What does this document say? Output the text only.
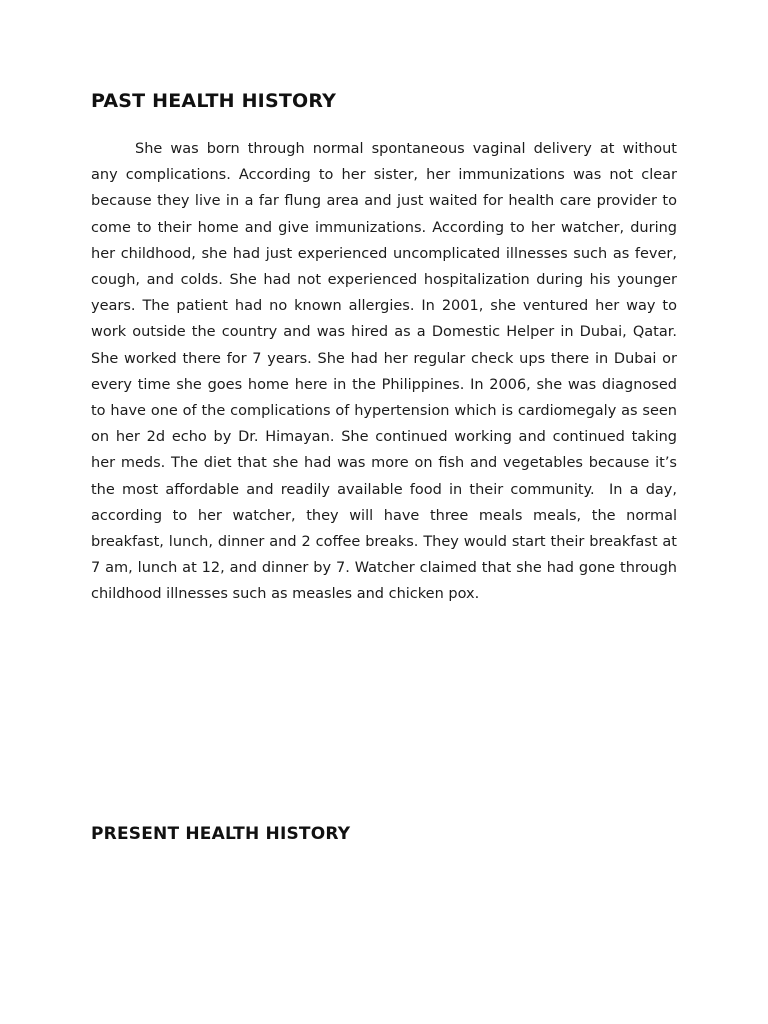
PAST HEALTH HISTORY

She was born through normal spontaneous vaginal delivery at without any complications. According to her sister, her immunizations was not clear because they live in a far flung area and just waited for health care provider to come to their home and give immunizations. According to her watcher, during her childhood, she had just experienced uncomplicated illnesses such as fever, cough, and colds. She had not experienced hospitalization during his younger years. The patient had no known allergies. In 2001, she ventured her way to work outside the country and was hired as a Domestic Helper in Dubai, Qatar. She worked there for 7 years. She had her regular check ups there in Dubai or every time she goes home here in the Philippines. In 2006, she was diagnosed to have one of the complications of hypertension which is cardiomegaly as seen on her 2d echo by Dr. Himayan. She continued working and continued taking her meds. The diet that she had was more on fish and vegetables because it’s the most affordable and readily available food in their community.  In a day, according to her watcher, they will have three meals meals, the normal breakfast, lunch, dinner and 2 coffee breaks. They would start their breakfast at 7 am, lunch at 12, and dinner by 7. Watcher claimed that she had gone through childhood illnesses such as measles and chicken pox.

PRESENT HEALTH HISTORY
